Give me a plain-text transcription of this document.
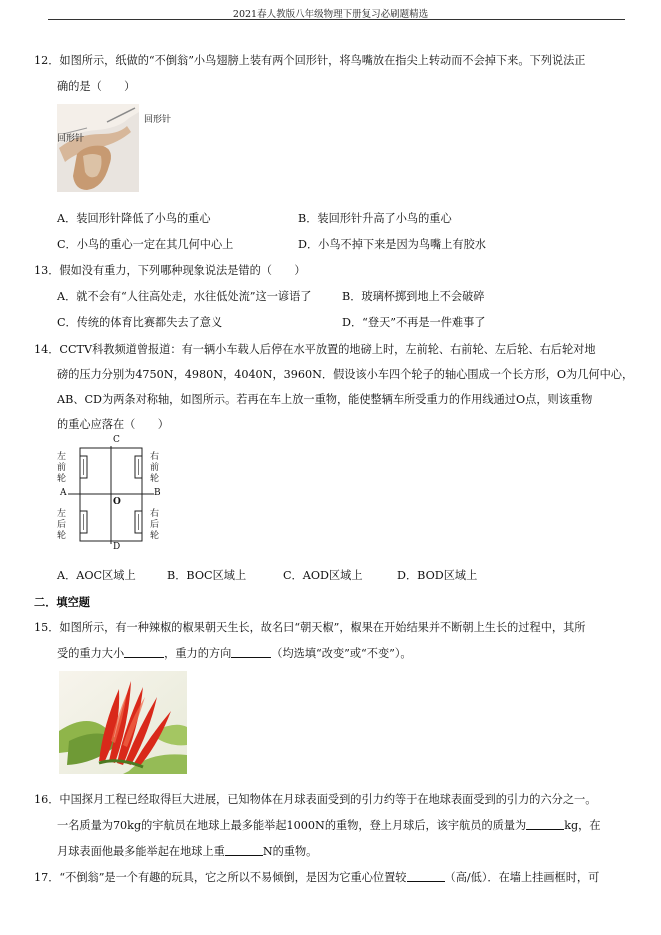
2021春人教版八年级物理下册复习必刷题精选
12．如图所示，纸做的“不倒翁”小鸟翅膀上装有两个回形针，将鸟嘴放在指尖上转动而不会掉下来。下列说法正
确的是（　　）
回形针
回形针
A．装回形针降低了小鸟的重心	B．装回形针升高了小鸟的重心
C．小鸟的重心一定在其几何中心上	D．小鸟不掉下来是因为鸟嘴上有胶水
13．假如没有重力，下列哪种现象说法是错的（　　）
A．就不会有“人往高处走，水往低处流”这一谚语了	B．玻璃杯掷到地上不会破碎
C．传统的体育比赛都失去了意义	D．“登天”不再是一件难事了
14．CCTV科教频道曾报道：有一辆小车载人后停在水平放置的地磅上时，左前轮、右前轮、左后轮、右后轮对地
磅的压力分别为4750N，4980N，4040N，3960N．假设该小车四个轮子的轴心围成一个长方形，O为几何中心，
AB、CD为两条对称轴，如图所示。若再在车上放一重物，能使整辆车所受重力的作用线通过O点，则该重物
的重心应落在（　　）
C
D
A	B
O
左
前
轮
右
前
轮
左
后
轮
右
后
轮
A．AOC区域上	B．BOC区域上	C．AOD区域上	D．BOD区域上
二．填空题
15．如图所示，有一种辣椒的椒果朝天生长，故名曰“朝天椒”，椒果在开始结果并不断朝上生长的过程中，其所
受的重力大小	，重力的方向	（均选填“改变”或“不变”）。
16．中国探月工程已经取得巨大进展，已知物体在月球表面受到的引力约等于在地球表面受到的引力的六分之一。
一名质量为70kg的宇航员在地球上最多能举起1000N的重物，登上月球后，该宇航员的质量为	kg，在
月球表面他最多能举起在地球上重	N的重物。
17．“不倒翁”是一个有趣的玩具，它之所以不易倾倒，是因为它重心位置较	（高/低）．在墙上挂画框时，可
